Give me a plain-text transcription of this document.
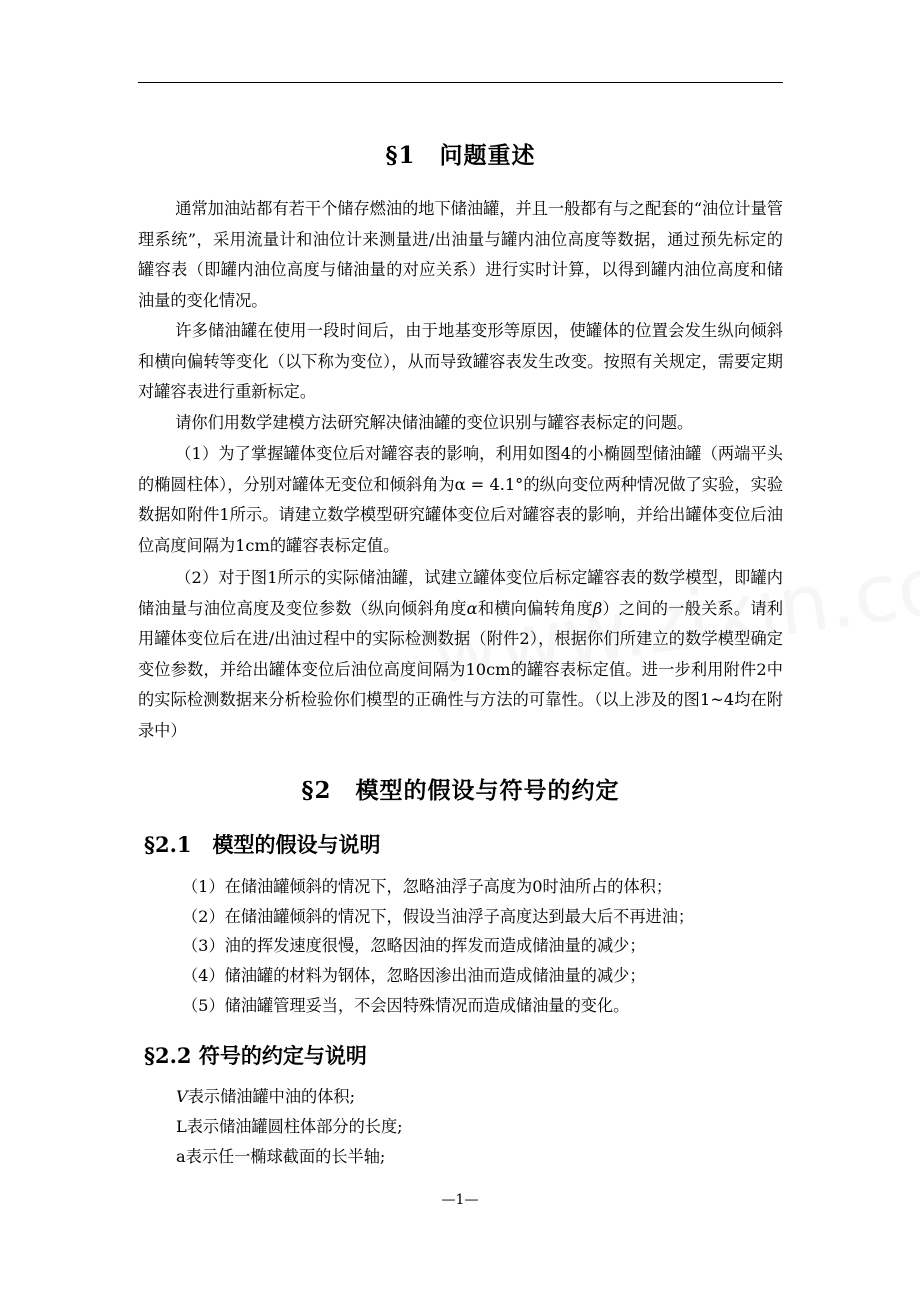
§1　问题重述

通常加油站都有若干个储存燃油的地下储油罐，并且一般都有与之配套的“油位计量管理系统”，采用流量计和油位计来测量进/出油量与罐内油位高度等数据，通过预先标定的罐容表（即罐内油位高度与储油量的对应关系）进行实时计算，以得到罐内油位高度和储油量的变化情况。

许多储油罐在使用一段时间后，由于地基变形等原因，使罐体的位置会发生纵向倾斜和横向偏转等变化（以下称为变位），从而导致罐容表发生改变。按照有关规定，需要定期对罐容表进行重新标定。

请你们用数学建模方法研究解决储油罐的变位识别与罐容表标定的问题。

（1）为了掌握罐体变位后对罐容表的影响，利用如图4的小椭圆型储油罐（两端平头的椭圆柱体），分别对罐体无变位和倾斜角为α = 4.1°的纵向变位两种情况做了实验，实验数据如附件1所示。请建立数学模型研究罐体变位后对罐容表的影响，并给出罐体变位后油位高度间隔为1cm的罐容表标定值。

（2）对于图1所示的实际储油罐，试建立罐体变位后标定罐容表的数学模型，即罐内储油量与油位高度及变位参数（纵向倾斜角度α和横向偏转角度β）之间的一般关系。请利用罐体变位后在进/出油过程中的实际检测数据（附件2），根据你们所建立的数学模型确定变位参数，并给出罐体变位后油位高度间隔为10cm的罐容表标定值。进一步利用附件2中的实际检测数据来分析检验你们模型的正确性与方法的可靠性。（以上涉及的图1~4均在附录中）

§2　模型的假设与符号的约定
§2.1　模型的假设与说明
（1）在储油罐倾斜的情况下，忽略油浮子高度为0时油所占的体积；
（2）在储油罐倾斜的情况下，假设当油浮子高度达到最大后不再进油；
（3）油的挥发速度很慢，忽略因油的挥发而造成储油量的减少；
（4）储油罐的材料为钢体，忽略因渗出油而造成储油量的减少；
（5）储油罐管理妥当，不会因特殊情况而造成储油量的变化。
§2.2 符号的约定与说明
V表示储油罐中油的体积;
L表示储油罐圆柱体部分的长度;
a表示任一椭球截面的长半轴;
—1—
